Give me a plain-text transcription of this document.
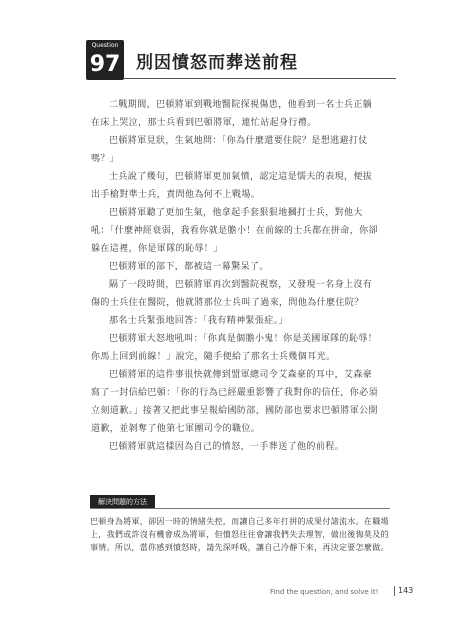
Question
97 別因憤怒而葬送前程

二戰期間，巴頓將軍到戰地醫院探視傷患，他看到一名士兵正躺在床上哭泣，那士兵看到巴頓將軍，連忙站起身行禮。

巴頓將軍見狀，生氣地問：「你為什麼還要住院？是想逃避打仗嗎？」

士兵說了幾句，巴頓將軍更加氣憤，認定這是懦夫的表現，便拔出手槍對準士兵，責問他為何不上戰場。

巴頓將軍聽了更加生氣，他拿起手套狠狠地摑打士兵，對他大吼：「什麼神經衰弱，我看你就是膽小！在前線的士兵都在拼命，你卻躲在這裡，你是軍隊的恥辱！」

巴頓將軍的部下，都被這一幕驚呆了。

隔了一段時間，巴頓將軍再次到醫院視察，又發現一名身上沒有傷的士兵住在醫院，他就將那位士兵叫了過來，問他為什麼住院？

那名士兵緊張地回答：「我有精神緊張症。」

巴頓將軍大怒地吼叫：「你真是個膽小鬼！你是美國軍隊的恥辱！你馬上回到前線！」說完，隨手便給了那名士兵幾個耳光。

巴頓將軍的這件事很快就傳到盟軍總司令艾森豪的耳中，艾森豪寫了一封信給巴頓：「你的行為已經嚴重影響了我對你的信任，你必須立刻道歉。」接著又把此事呈報給國防部，國防部也要求巴頓將軍公開道歉，並剝奪了他第七軍團司令的職位。

巴頓將軍就這樣因為自己的憤怒，一手葬送了他的前程。

解決問題的方法
巴頓身為將軍，卻因一時的情緒失控，而讓自己多年打拼的成果付諸流水。在職場上，我們或許沒有機會成為將軍，但憤怒往往會讓我們失去理智，做出後悔莫及的事情。所以，當你感到憤怒時，請先深呼吸，讓自己冷靜下來，再決定要怎麼做。
Find the question, and solve it! 143
